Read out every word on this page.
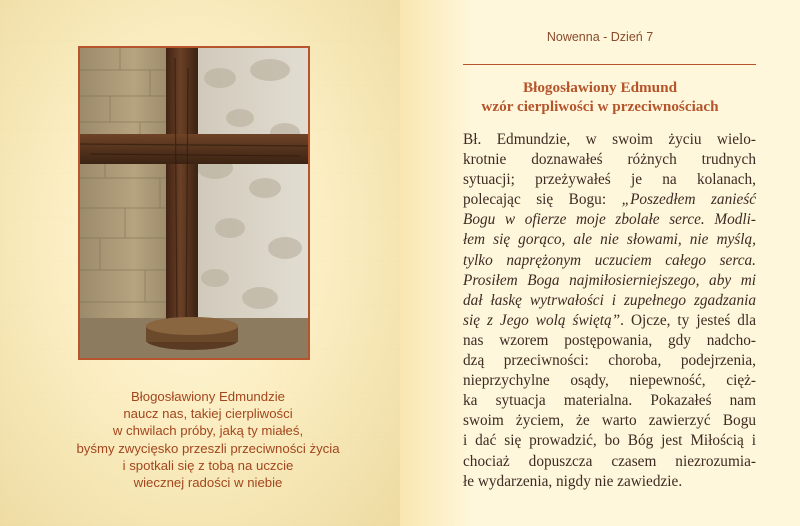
Błogosławiony Edmundzie
naucz nas, takiej cierpliwości
w chwilach próby, jaką ty miałeś,
byśmy zwycięsko przeszli przeciwności życia
i spotkali się z tobą na uczcie
wiecznej radości w niebie
Nowenna - Dzień 7
Błogosławiony Edmund
wzór cierpliwości w przeciwnościach
Bł. Edmundzie, w swoim życiu wielo-
krotnie doznawałeś różnych trudnych
sytuacji; przeżywałeś je na kolanach,
polecając się Bogu: „Poszedłem zanieść
Bogu w ofierze moje zbolałe serce. Modli-
łem się gorąco, ale nie słowami, nie myślą,
tylko naprężonym uczuciem całego serca.
Prosiłem Boga najmiłosierniejszego, aby mi
dał łaskę wytrwałości i zupełnego zgadzania
się z Jego wolą świętą”. Ojcze, ty jesteś dla
nas wzorem postępowania, gdy nadcho-
dzą przeciwności: choroba, podejrzenia,
nieprzychylne osądy, niepewność, cięż-
ka sytuacja materialna. Pokazałeś nam
swoim życiem, że warto zawierzyć Bogu
i dać się prowadzić, bo Bóg jest Miłością i
chociaż dopuszcza czasem niezrozumia-
łe wydarzenia, nigdy nie zawiedzie.
